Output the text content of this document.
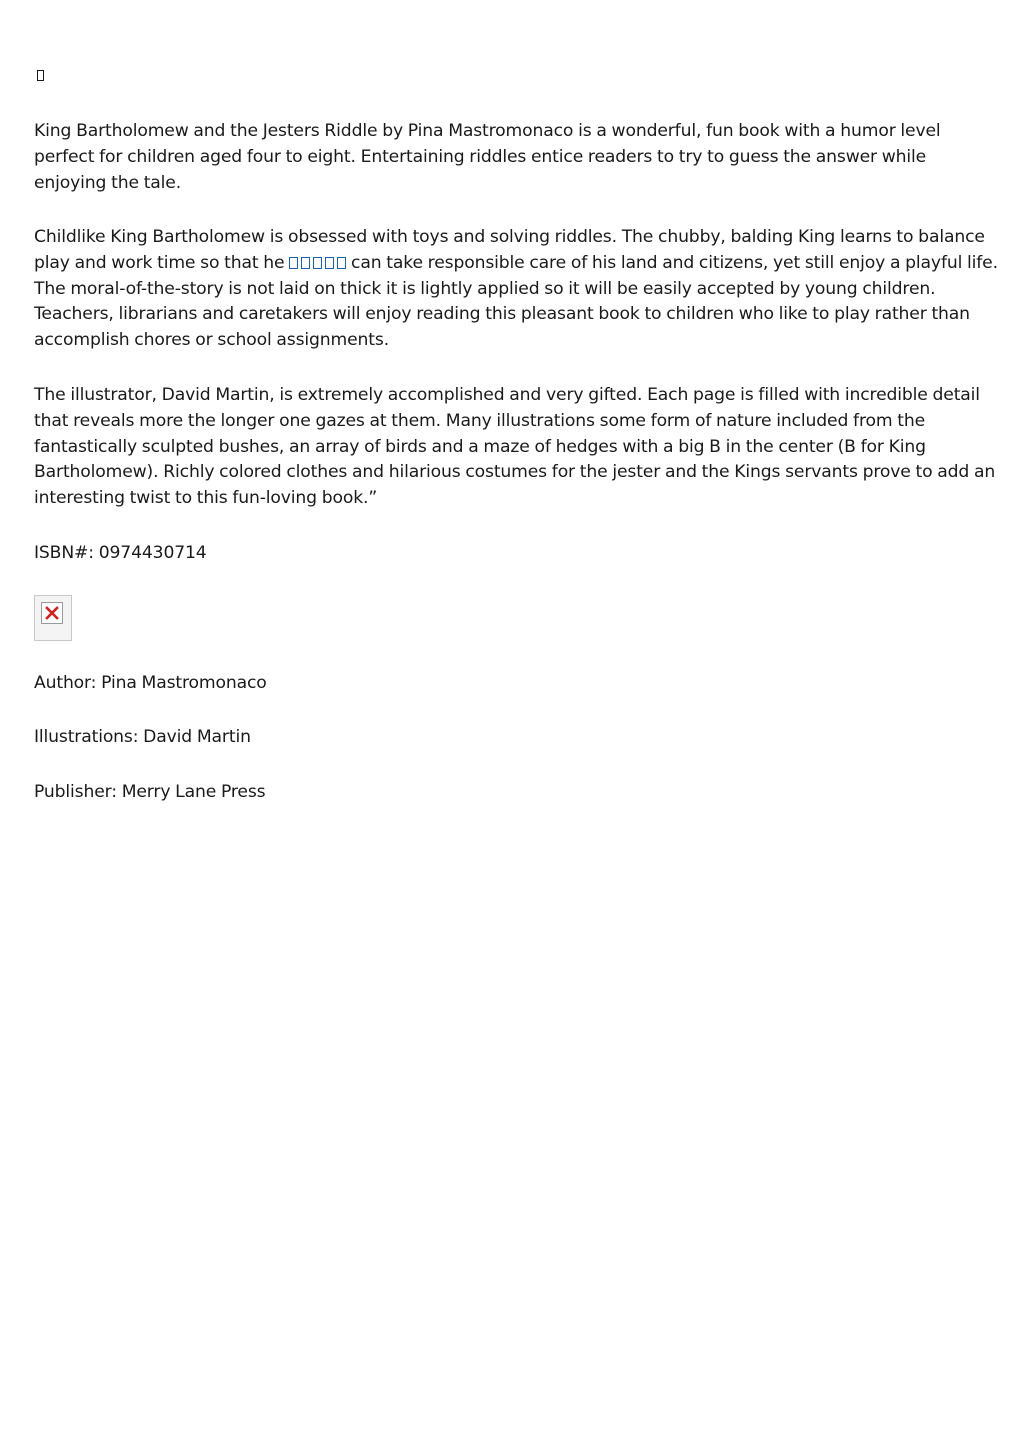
King Bartholomew and the Jesters Riddle by Pina Mastromonaco is a wonderful, fun book with a humor level
perfect for children aged four to eight. Entertaining riddles entice readers to try to guess the answer while
enjoying the tale.

Childlike King Bartholomew is obsessed with toys and solving riddles. The chubby, balding King learns to balance
play and work time so that he	can take responsible care of his land and citizens, yet still enjoy a playful life.
The moral-of-the-story is not laid on thick it is lightly applied so it will be easily accepted by young children.
Teachers, librarians and caretakers will enjoy reading this pleasant book to children who like to play rather than
accomplish chores or school assignments.

The illustrator, David Martin, is extremely accomplished and very gifted. Each page is filled with incredible detail
that reveals more the longer one gazes at them. Many illustrations some form of nature included from the
fantastically sculpted bushes, an array of birds and a maze of hedges with a big B in the center (B for King
Bartholomew). Richly colored clothes and hilarious costumes for the jester and the Kings servants prove to add an
interesting twist to this fun-loving book.”

ISBN#: 0974430714

Author: Pina Mastromonaco

Illustrations: David Martin

Publisher: Merry Lane Press
